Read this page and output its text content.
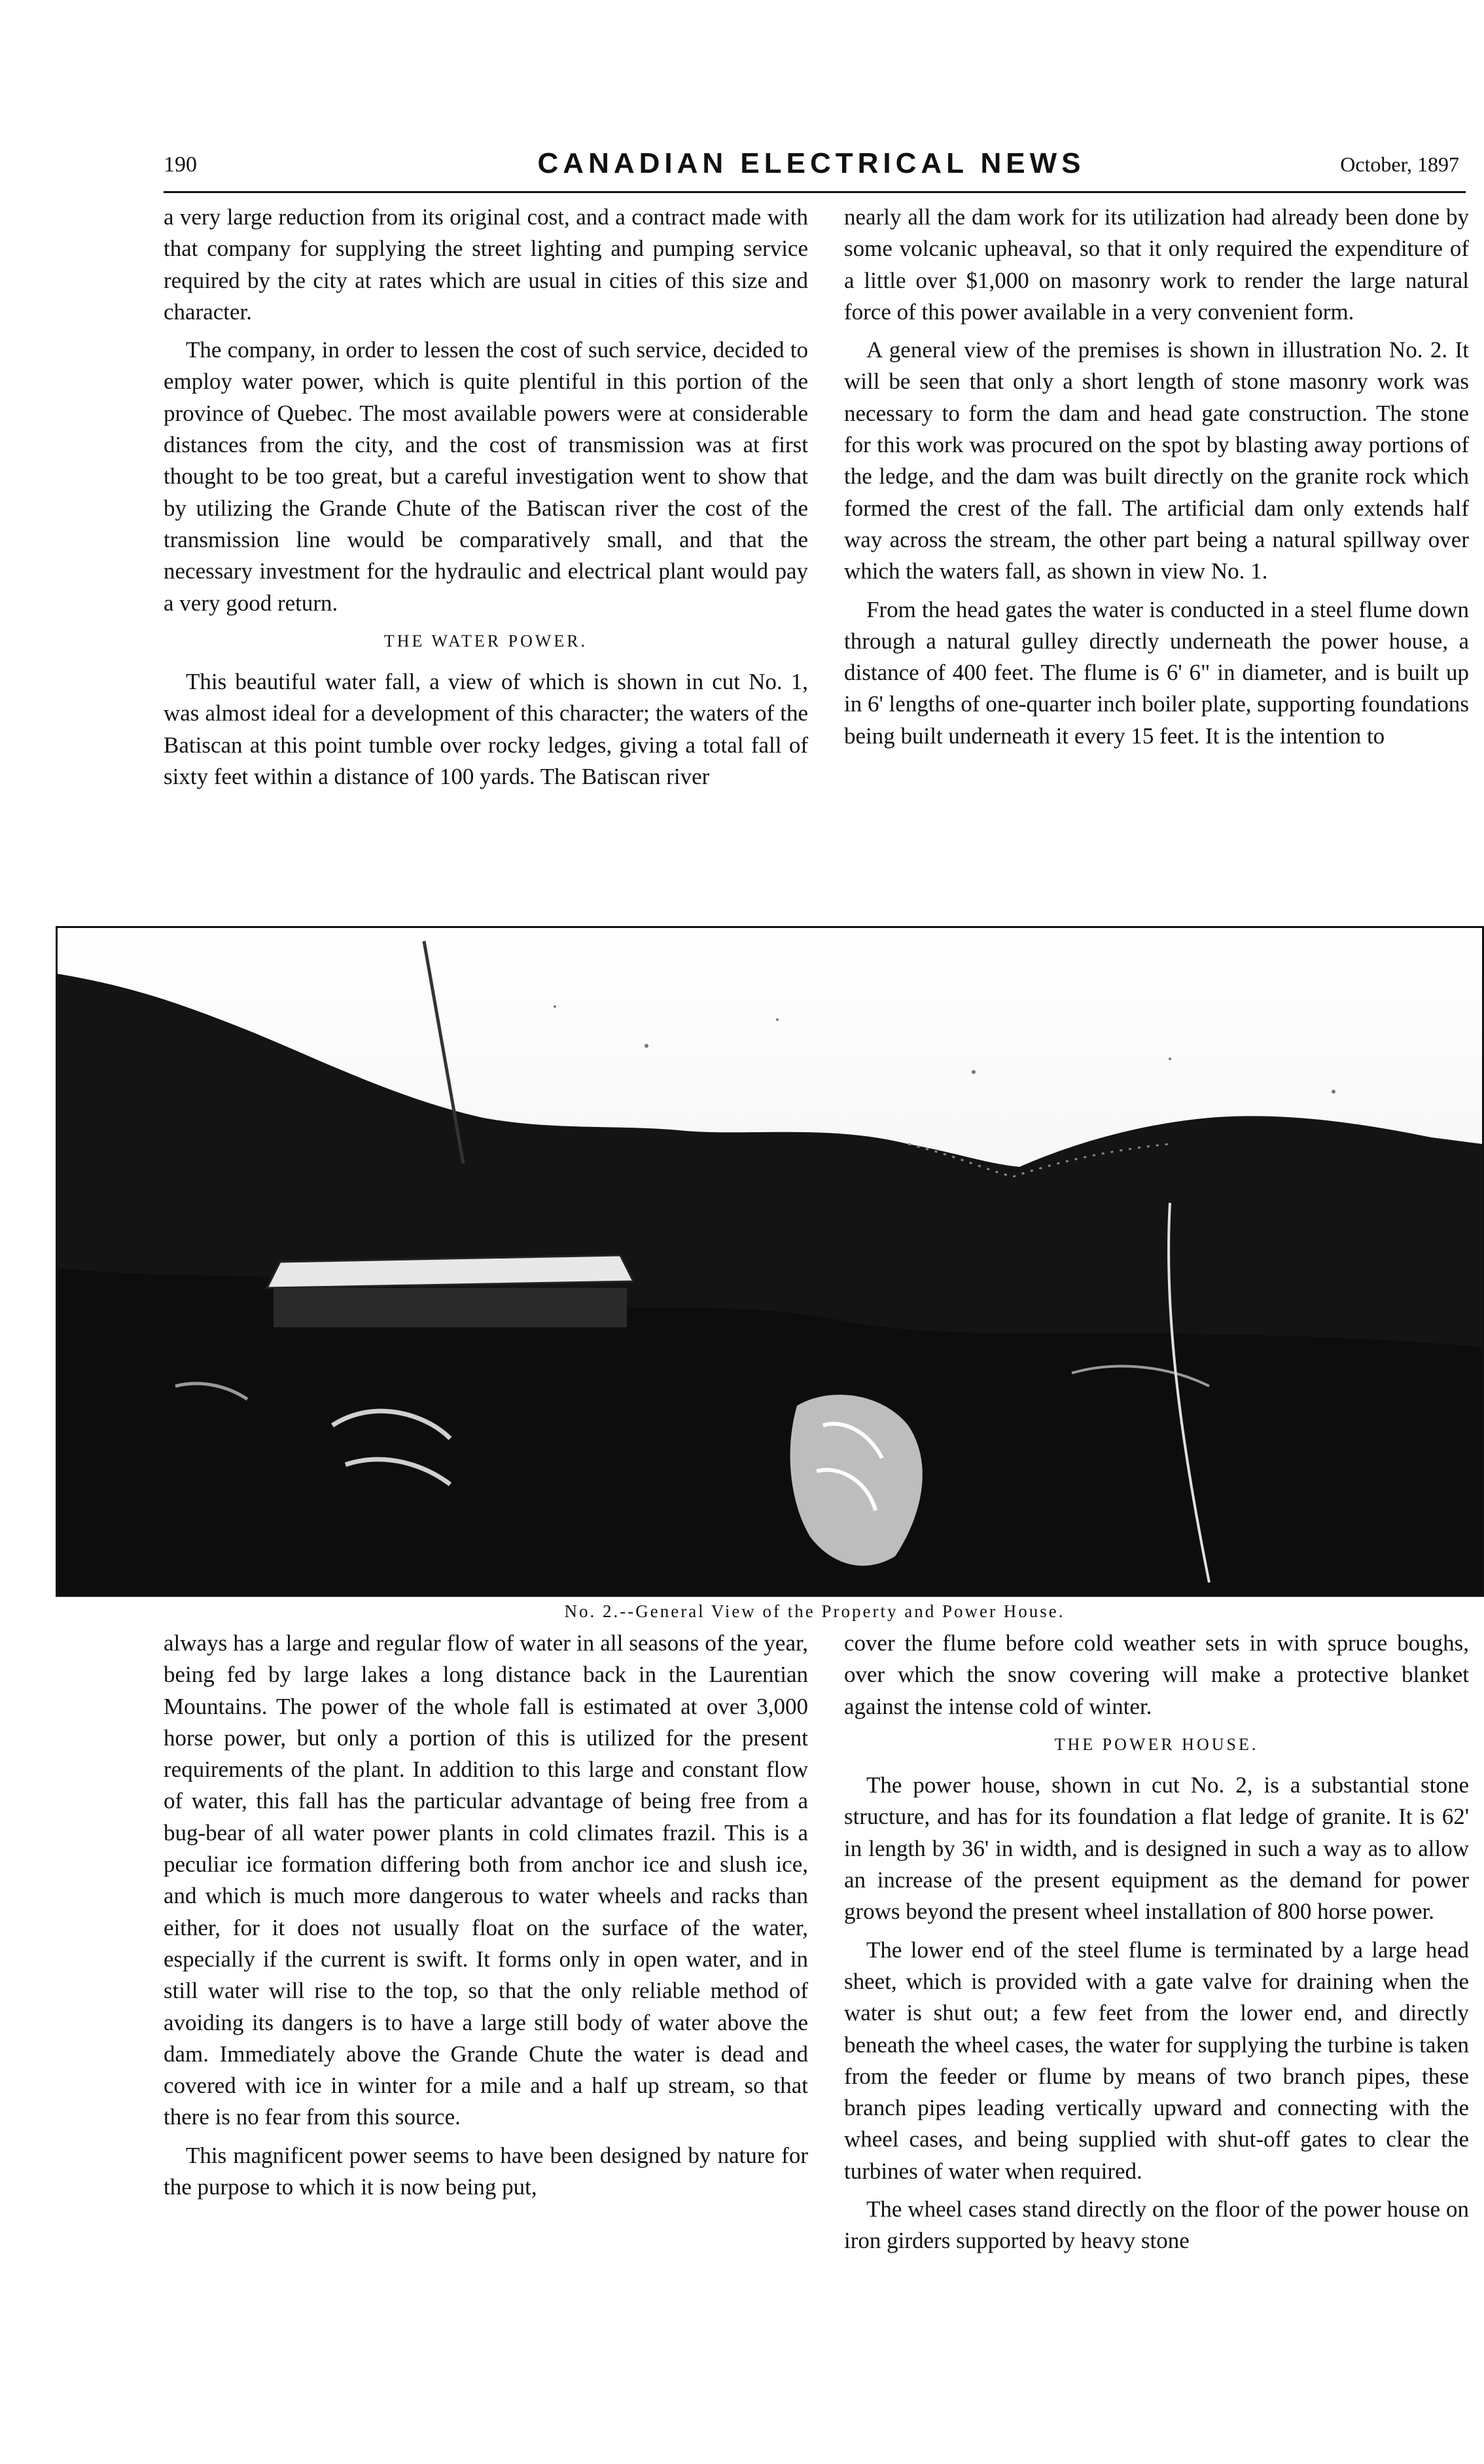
190	CANADIAN ELECTRICAL NEWS	October, 1897

a very large reduction from its original cost, and a contract made with that company for supplying the street lighting and pumping service required by the city at rates which are usual in cities of this size and character.

The company, in order to lessen the cost of such service, decided to employ water power, which is quite plentiful in this portion of the province of Quebec. The most available powers were at considerable distances from the city, and the cost of transmission was at first thought to be too great, but a careful investigation went to show that by utilizing the Grande Chute of the Batiscan river the cost of the transmission line would be comparatively small, and that the necessary investment for the hydraulic and electrical plant would pay a very good return.

THE WATER POWER.

This beautiful water fall, a view of which is shown in cut No. 1, was almost ideal for a development of this character; the waters of the Batiscan at this point tumble over rocky ledges, giving a total fall of sixty feet within a distance of 100 yards. The Batiscan river

nearly all the dam work for its utilization had already been done by some volcanic upheaval, so that it only required the expenditure of a little over $1,000 on masonry work to render the large natural force of this power available in a very convenient form.

A general view of the premises is shown in illustration No. 2. It will be seen that only a short length of stone masonry work was necessary to form the dam and head gate construction. The stone for this work was procured on the spot by blasting away portions of the ledge, and the dam was built directly on the granite rock which formed the crest of the fall. The artificial dam only extends half way across the stream, the other part being a natural spillway over which the waters fall, as shown in view No. 1.

From the head gates the water is conducted in a steel flume down through a natural gulley directly underneath the power house, a distance of 400 feet. The flume is 6' 6" in diameter, and is built up in 6' lengths of one-quarter inch boiler plate, supporting foundations being built underneath it every 15 feet. It is the intention to

No. 2.--General View of the Property and Power House.

always has a large and regular flow of water in all seasons of the year, being fed by large lakes a long distance back in the Laurentian Mountains. The power of the whole fall is estimated at over 3,000 horse power, but only a portion of this is utilized for the present requirements of the plant. In addition to this large and constant flow of water, this fall has the particular advantage of being free from a bug-bear of all water power plants in cold climates frazil. This is a peculiar ice formation differing both from anchor ice and slush ice, and which is much more dangerous to water wheels and racks than either, for it does not usually float on the surface of the water, especially if the current is swift. It forms only in open water, and in still water will rise to the top, so that the only reliable method of avoiding its dangers is to have a large still body of water above the dam. Immediately above the Grande Chute the water is dead and covered with ice in winter for a mile and a half up stream, so that there is no fear from this source.

This magnificent power seems to have been designed by nature for the purpose to which it is now being put,

cover the flume before cold weather sets in with spruce boughs, over which the snow covering will make a protective blanket against the intense cold of winter.

THE POWER HOUSE.

The power house, shown in cut No. 2, is a substantial stone structure, and has for its foundation a flat ledge of granite. It is 62' in length by 36' in width, and is designed in such a way as to allow an increase of the present equipment as the demand for power grows beyond the present wheel installation of 800 horse power.

The lower end of the steel flume is terminated by a large head sheet, which is provided with a gate valve for draining when the water is shut out; a few feet from the lower end, and directly beneath the wheel cases, the water for supplying the turbine is taken from the feeder or flume by means of two branch pipes, these branch pipes leading vertically upward and connecting with the wheel cases, and being supplied with shut-off gates to clear the turbines of water when required.

The wheel cases stand directly on the floor of the power house on iron girders supported by heavy stone
